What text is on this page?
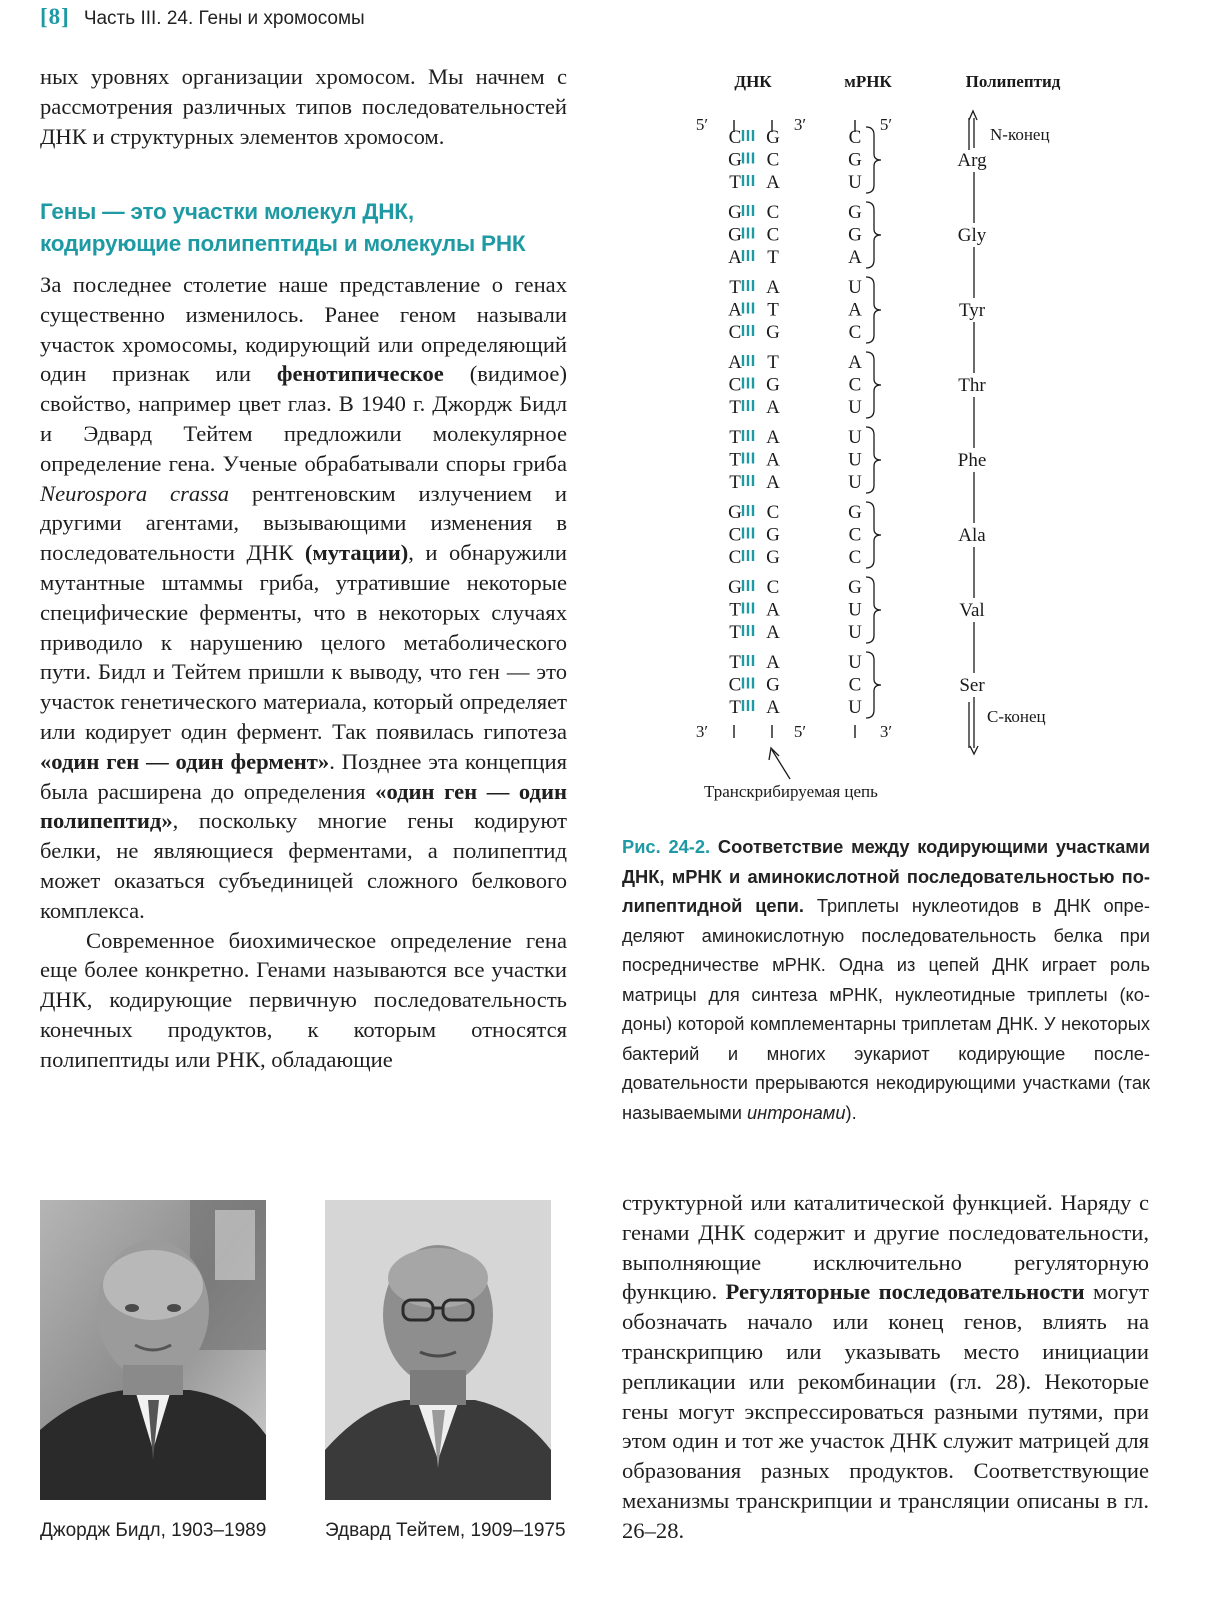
[8] Часть III. 24. Гены и хромосомы

ных уровнях организации хромосом. Мы начнем с рассмотрения различных типов последовательностей ДНК и структурных элементов хромосом.

Гены — это участки молекул ДНК,
кодирующие полипептиды и молекулы РНК

За последнее столетие наше представление о генах существенно изменилось. Ранее геном называли участок хромосомы, кодирующий или определяющий один признак или фенотипическое (видимое) свойство, например цвет глаз. В 1940 г. Джордж Бидл и Эдвард Тейтем предложили молекулярное определение гена. Ученые обрабатывали споры гриба Neurospora crassa рентгеновским излучением и другими агентами, вызывающими изменения в последовательности ДНК (мутации), и обнаружили мутантные штаммы гриба, утратившие некоторые специфические ферменты, что в некоторых случаях приводило к нарушению целого метаболического пути. Бидл и Тейтем пришли к выводу, что ген — это участок генетического материала, который определяет или кодирует один фермент. Так появилась гипотеза «один ген — один фермент». Позднее эта концепция была расширена до определения «один ген — один полипептид», поскольку многие гены кодируют белки, не являющиеся ферментами, а полипептид может оказаться субъединицей сложного белкового комплекса.

Современное биохимическое определение гена еще более конкретно. Генами называются все участки ДНК, кодирующие первичную последовательность конечных продуктов, к которым относятся полипептиды или РНК, обладающие

ДНК	мРНК	Полипептид
5′	3′	5′
N-конец
C-конец
3′	5′	3′
Транскрибируемая цепь
C G	C
G C	G
T A	U
Arg
G C	G
G C	G
A T	A
Gly
T A	U
A T	A
C G	C
Tyr
A T	A
C G	C
T A	U
Thr
T A	U
T A	U
T A	U
Phe
G C	G
C G	C
C G	C
Ala
G C	G
T A	U
T A	U
Val
T A	U
C G	C
T A	U
Ser

Рис. 24-2. Соответствие между кодирующими участками ДНК, мРНК и аминокислотной последовательностью полипептидной цепи. Триплеты нуклеотидов в ДНК определяют аминокислотную последовательность белка при посредничестве мРНК. Одна из цепей ДНК играет роль матрицы для синтеза мРНК, нуклеотидные триплеты (кодоны) которой комплементарны триплетам ДНК. У некоторых бактерий и многих эукариот кодирующие последовательности прерываются некодирующими участками (так называемыми интронами).

Джордж Бидл, 1903–1989	Эдвард Тейтем, 1909–1975

структурной или каталитической функцией. Наряду с генами ДНК содержит и другие последовательности, выполняющие исключительно регуляторную функцию. Регуляторные последовательности могут обозначать начало или конец генов, влиять на транскрипцию или указывать место инициации репликации или рекомбинации (гл. 28). Некоторые гены могут экспрессироваться разными путями, при этом один и тот же участок ДНК служит матрицей для образования разных продуктов. Соответствующие механизмы транскрипции и трансляции описаны в гл. 26–28.
